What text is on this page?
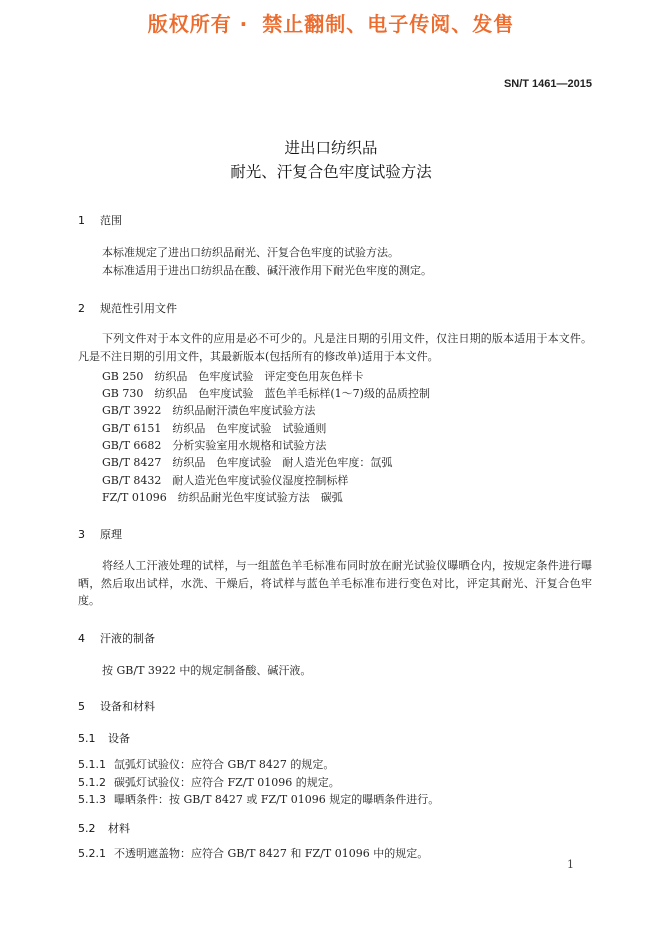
版权所有 · 禁止翻制、电子传阅、发售
SN/T 1461—2015
进出口纺织品
耐光、汗复合色牢度试验方法
1 范围
本标准规定了进出口纺织品耐光、汗复合色牢度的试验方法。
本标准适用于进出口纺织品在酸、碱汗液作用下耐光色牢度的测定。
2 规范性引用文件
下列文件对于本文件的应用是必不可少的。凡是注日期的引用文件，仅注日期的版本适用于本文件。凡是不注日期的引用文件，其最新版本(包括所有的修改单)适用于本文件。
GB 250　纺织品　色牢度试验　评定变色用灰色样卡
GB 730　纺织品　色牢度试验　蓝色羊毛标样(1～7)级的品质控制
GB/T 3922　纺织品耐汗渍色牢度试验方法
GB/T 6151　纺织品　色牢度试验　试验通则
GB/T 6682　分析实验室用水规格和试验方法
GB/T 8427　纺织品　色牢度试验　耐人造光色牢度：氙弧
GB/T 8432　耐人造光色牢度试验仪湿度控制标样
FZ/T 01096　纺织品耐光色牢度试验方法　碳弧
3 原理
将经人工汗液处理的试样，与一组蓝色羊毛标准布同时放在耐光试验仪曝晒仓内，按规定条件进行曝晒，然后取出试样，水洗、干燥后，将试样与蓝色羊毛标准布进行变色对比，评定其耐光、汗复合色牢度。
4 汗液的制备
按 GB/T 3922 中的规定制备酸、碱汗液。
5 设备和材料
5.1 设备
5.1.1 氙弧灯试验仪：应符合 GB/T 8427 的规定。
5.1.2 碳弧灯试验仪：应符合 FZ/T 01096 的规定。
5.1.3 曝晒条件：按 GB/T 8427 或 FZ/T 01096 规定的曝晒条件进行。
5.2 材料
5.2.1 不透明遮盖物：应符合 GB/T 8427 和 FZ/T 01096 中的规定。
1
